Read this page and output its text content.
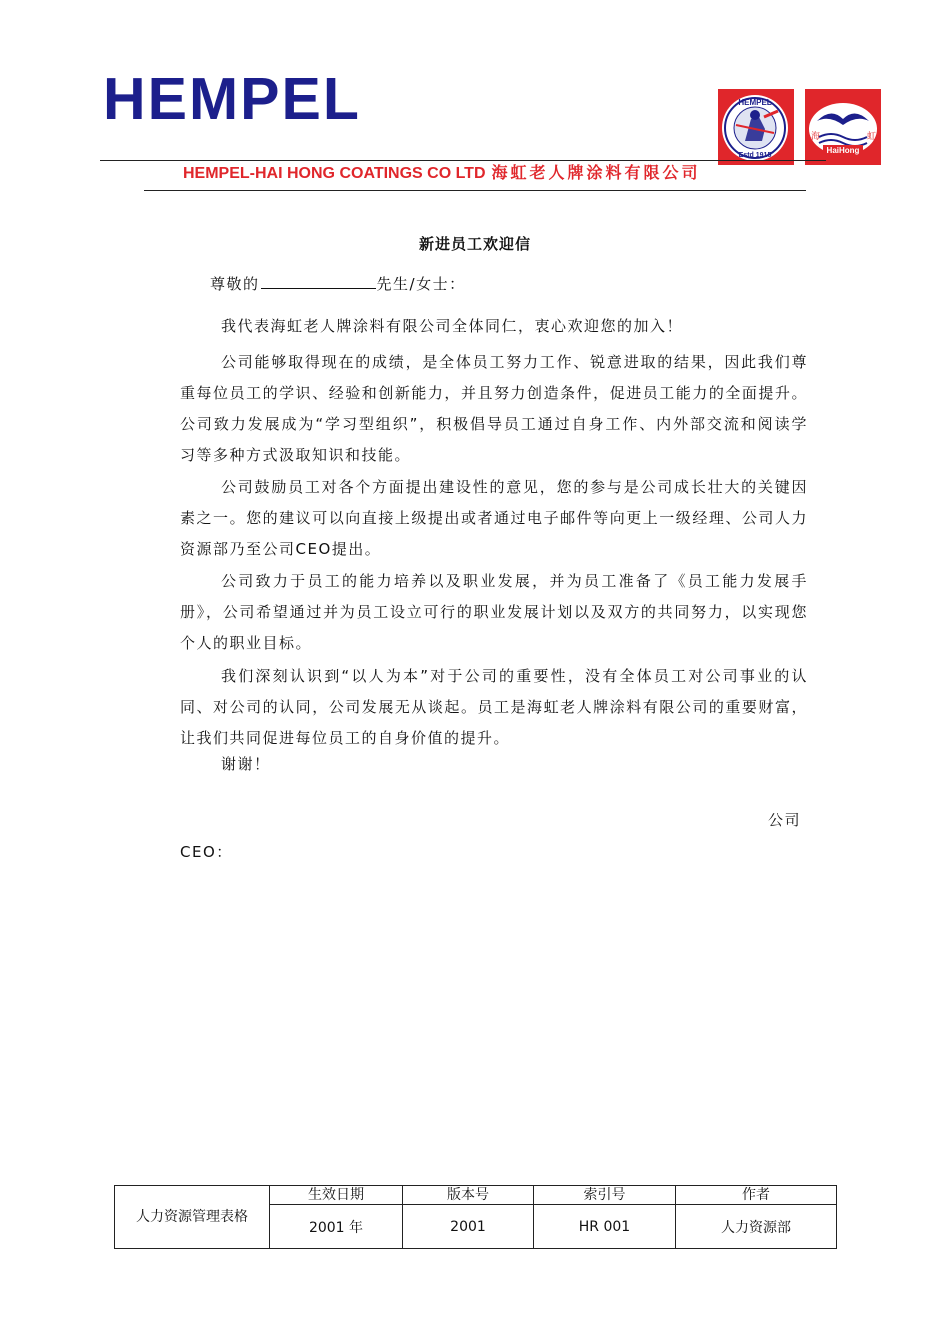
HEMPEL	HEMPEL
Estd 1915
海	虹
HaiHong
HEMPEL-HAI HONG COATINGS CO LTD 海虹老人牌涂料有限公司
新进员工欢迎信
尊敬的	先生/女士：
我代表海虹老人牌涂料有限公司全体同仁，衷心欢迎您的加入！
公司能够取得现在的成绩，是全体员工努力工作、锐意进取的结果，因此我们尊重每位员工的学识、经验和创新能力，并且努力创造条件，促进员工能力的全面提升。公司致力发展成为“学习型组织”，积极倡导员工通过自身工作、内外部交流和阅读学习等多种方式汲取知识和技能。
公司鼓励员工对各个方面提出建设性的意见，您的参与是公司成长壮大的关键因素之一。您的建议可以向直接上级提出或者通过电子邮件等向更上一级经理、公司人力资源部乃至公司CEO提出。
公司致力于员工的能力培养以及职业发展，并为员工准备了《员工能力发展手册》，公司希望通过并为员工设立可行的职业发展计划以及双方的共同努力，以实现您个人的职业目标。
我们深刻认识到“以人为本”对于公司的重要性，没有全体员工对公司事业的认同、对公司的认同，公司发展无从谈起。员工是海虹老人牌涂料有限公司的重要财富，让我们共同促进每位员工的自身价值的提升。
谢谢！
公司
CEO：
人力资源管理表格	生效日期	版本号	索引号	作者
	2001 年	2001	HR 001	人力资源部
